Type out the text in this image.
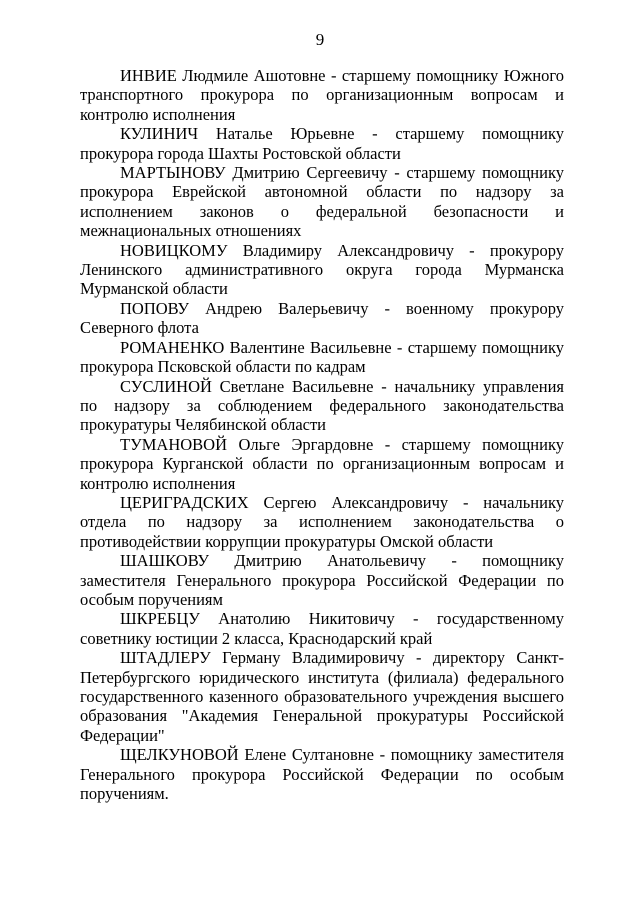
9

ИНВИЕ Людмиле Ашотовне - старшему помощнику Южного транспортного прокурора по организационным вопросам и контролю исполнения

КУЛИНИЧ Наталье Юрьевне - старшему помощнику прокурора города Шахты Ростовской области

МАРТЫНОВУ Дмитрию Сергеевичу - старшему помощнику прокурора Еврейской автономной области по надзору за исполнением законов о федеральной безопасности и межнациональных отношениях

НОВИЦКОМУ Владимиру Александровичу - прокурору Ленинского административного округа города Мурманска Мурманской области

ПОПОВУ Андрею Валерьевичу - военному прокурору Северного флота

РОМАНЕНКО Валентине Васильевне - старшему помощнику прокурора Псковской области по кадрам

СУСЛИНОЙ Светлане Васильевне - начальнику управления по надзору за соблюдением федерального законодательства прокуратуры Челябинской области

ТУМАНОВОЙ Ольге Эргардовне - старшему помощнику прокурора Курганской области по организационным вопросам и контролю исполнения

ЦЕРИГРАДСКИХ Сергею Александровичу - начальнику отдела по надзору за исполнением законодательства о противодействии коррупции прокуратуры Омской области

ШАШКОВУ Дмитрию Анатольевичу - помощнику заместителя Генерального прокурора Российской Федерации по особым поручениям

ШКРЕБЦУ Анатолию Никитовичу - государственному советнику юстиции 2 класса, Краснодарский край

ШТАДЛЕРУ Герману Владимировичу - директору Санкт-Петербургского юридического института (филиала) федерального государственного казенного образовательного учреждения высшего образования "Академия Генеральной прокуратуры Российской Федерации"

ЩЕЛКУНОВОЙ Елене Султановне - помощнику заместителя Генерального прокурора Российской Федерации по особым поручениям.
